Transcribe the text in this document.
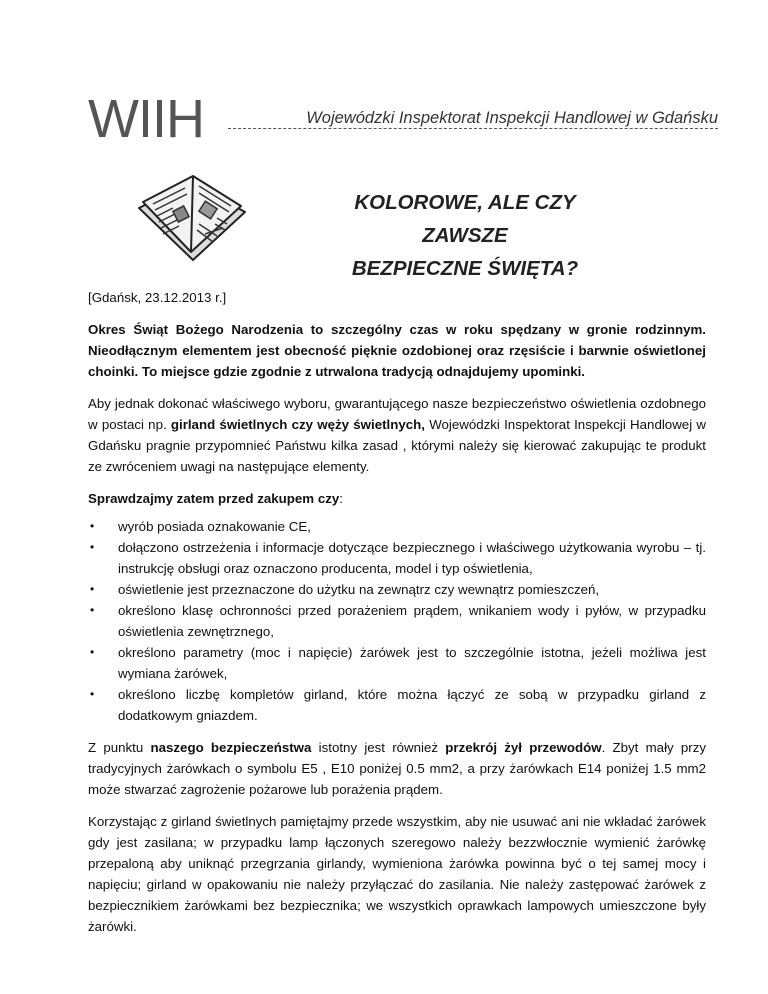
WIIH	Wojewódzki Inspektorat Inspekcji Handlowej w Gdańsku
KOLOROWE, ALE CZY ZAWSZE
BEZPIECZNE ŚWIĘTA?

[Gdańsk, 23.12.2013 r.]

Okres Świąt Bożego Narodzenia to szczególny czas w roku spędzany w gronie rodzinnym. Nieodłącznym elementem jest obecność pięknie ozdobionej oraz rzęsiście i barwnie oświetlonej choinki. To miejsce gdzie zgodnie z utrwalona tradycją odnajdujemy upominki.

Aby jednak dokonać właściwego wyboru, gwarantującego nasze bezpieczeństwo oświetlenia ozdobnego w postaci np. girland świetlnych czy węży świetlnych, Wojewódzki Inspektorat Inspekcji Handlowej w Gdańsku pragnie przypomnieć Państwu kilka zasad , którymi należy się kierować zakupując te produkt ze zwróceniem uwagi na następujące elementy.

Sprawdzajmy zatem przed zakupem czy:

• wyrób posiada oznakowanie CE,
• dołączono ostrzeżenia i informacje dotyczące bezpiecznego i właściwego użytkowania wyrobu – tj. instrukcję obsługi oraz oznaczono producenta, model i typ oświetlenia,
• oświetlenie jest przeznaczone do użytku na zewnątrz czy wewnątrz pomieszczeń,
• określono klasę ochronności przed porażeniem prądem, wnikaniem wody i pyłów, w przypadku oświetlenia zewnętrznego,
• określono parametry (moc i napięcie) żarówek jest to szczególnie istotna, jeżeli możliwa jest wymiana żarówek,
• określono liczbę kompletów girland, które można łączyć ze sobą w przypadku girland z dodatkowym gniazdem.

Z punktu naszego bezpieczeństwa istotny jest również przekrój żył przewodów. Zbyt mały przy tradycyjnych żarówkach o symbolu E5 , E10 poniżej 0.5 mm2, a przy żarówkach E14 poniżej 1.5 mm2 może stwarzać zagrożenie pożarowe lub porażenia prądem.

Korzystając z girland świetlnych pamiętajmy przede wszystkim, aby nie usuwać ani nie wkładać żarówek gdy jest zasilana; w przypadku lamp łączonych szeregowo należy bezzwłocznie wymienić żarówkę przepaloną aby uniknąć przegrzania girlandy, wymieniona żarówka powinna być o tej samej mocy i napięciu; girland w opakowaniu nie należy przyłączać do zasilania. Nie należy zastępować żarówek z bezpiecznikiem żarówkami bez bezpiecznika; we wszystkich oprawkach lampowych umieszczone były żarówki.
